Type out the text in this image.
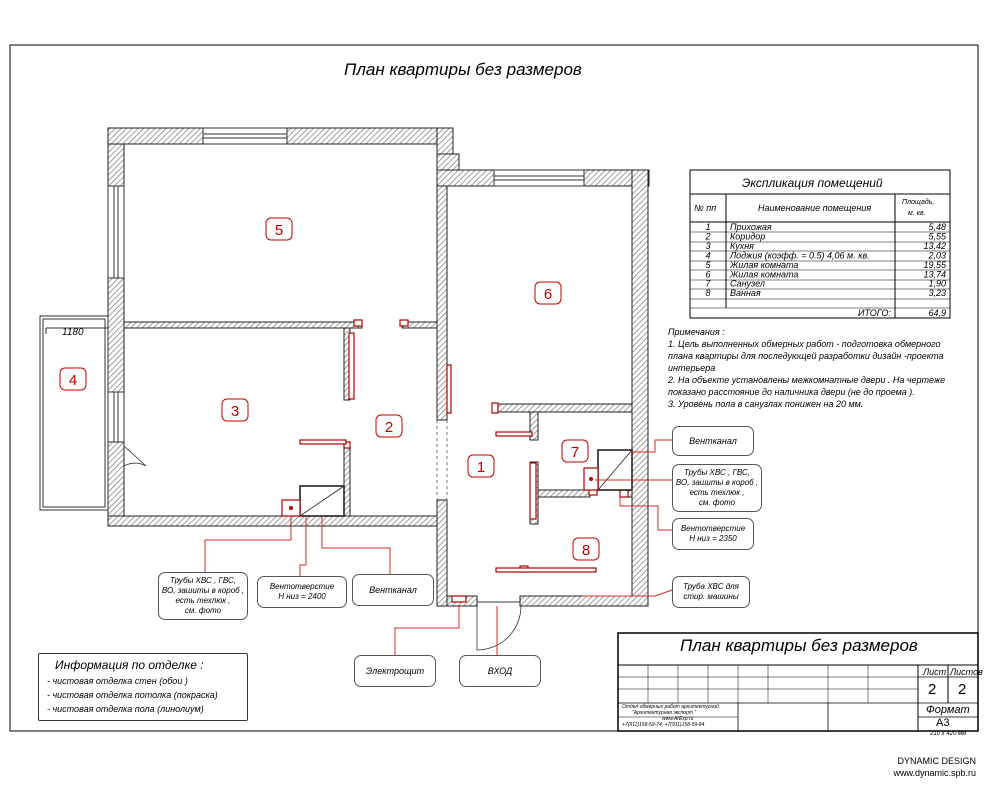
5
6
4
3
2
1
7
8
1180
№ пп	Наименование помещения
Площадь,
м. кв.
1 Прихожая	5,48
2 Коридор	5,55
3 Кухня	13,42
4 Лоджия (коэфф. = 0.5) 4,06 м. кв.	2,03
5 Жилая комната	19,55
6 Жилая комната	13,74
7 Санузел	1,90
8 Ванная	3,23
ИТОГО:	64,9
План квартиры без размеров
Экспликация помещений
Примечания :
1. Цель выполненных обмерных работ - подготовка обмерного
плана квартиры для последующей разработки дизайн -проекта
интерьера
2. На объекте установлены межкомнатные двери . На чертеже
показано расстояние до наличника двери (не до проема ).
3. Уровень пола в санузлах понижен на 20 мм.
Трубы ХВС , ГВС,
ВО, зашиты в короб ,
есть техлюк ,
см. фото
Вентотверстие
Н низ = 2400
Вентканал
Электрощит	ВХОД
Вентканал
Трубы ХВС , ГВС,
ВО, зашиты в короб ,
есть техлюк ,
см. фото
Вентотверстие
Н низ = 2350
Труба ХВС для
стир. машины
Информация по отделке :
- чистовая отделка стен (обои )
- чистовая отделка потолка (покраска)
- чистовая отделка пола (линолиум)
План квартиры без размеров
Лист Листов
2 2
Формат
А3
210 х 420 мм
Отдел обмерных работ архитектурной
"Архитектурная экспорт "
www.ArExp.ru
+7(911)158-59-74; +7(911)158-59-84
DYNAMIC DESIGN
www.dynamic.spb.ru
